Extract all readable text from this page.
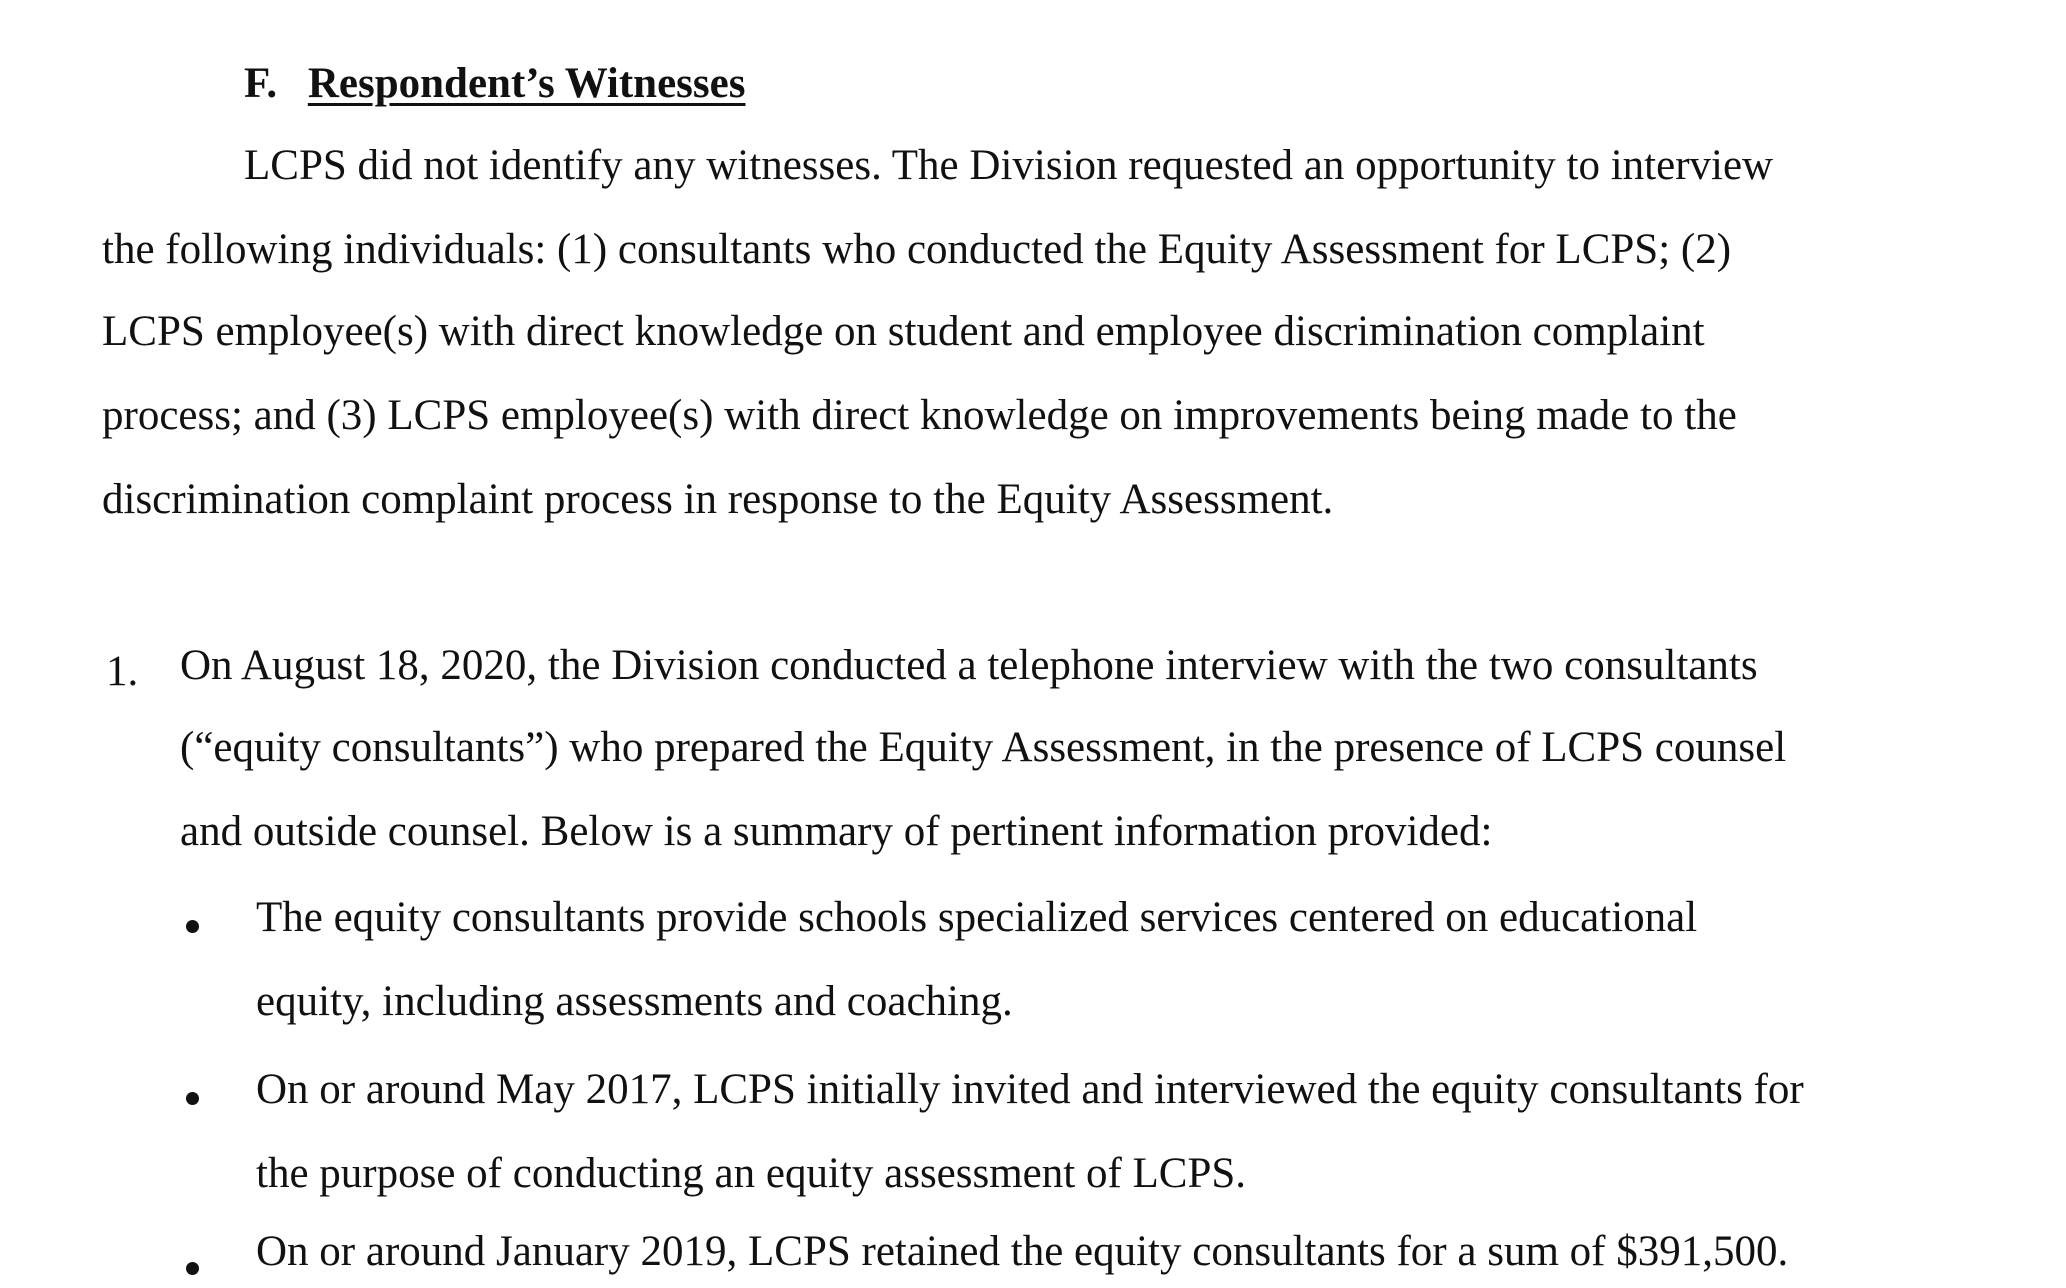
F. Respondent’s Witnesses
LCPS did not identify any witnesses. The Division requested an opportunity to interview
the following individuals: (1) consultants who conducted the Equity Assessment for LCPS; (2)
LCPS employee(s) with direct knowledge on student and employee discrimination complaint
process; and (3) LCPS employee(s) with direct knowledge on improvements being made to the
discrimination complaint process in response to the Equity Assessment.
1. On August 18, 2020, the Division conducted a telephone interview with the two consultants
(“equity consultants”) who prepared the Equity Assessment, in the presence of LCPS counsel
and outside counsel. Below is a summary of pertinent information provided:
The equity consultants provide schools specialized services centered on educational
equity, including assessments and coaching.
On or around May 2017, LCPS initially invited and interviewed the equity consultants for
the purpose of conducting an equity assessment of LCPS.
On or around January 2019, LCPS retained the equity consultants for a sum of $391,500.
